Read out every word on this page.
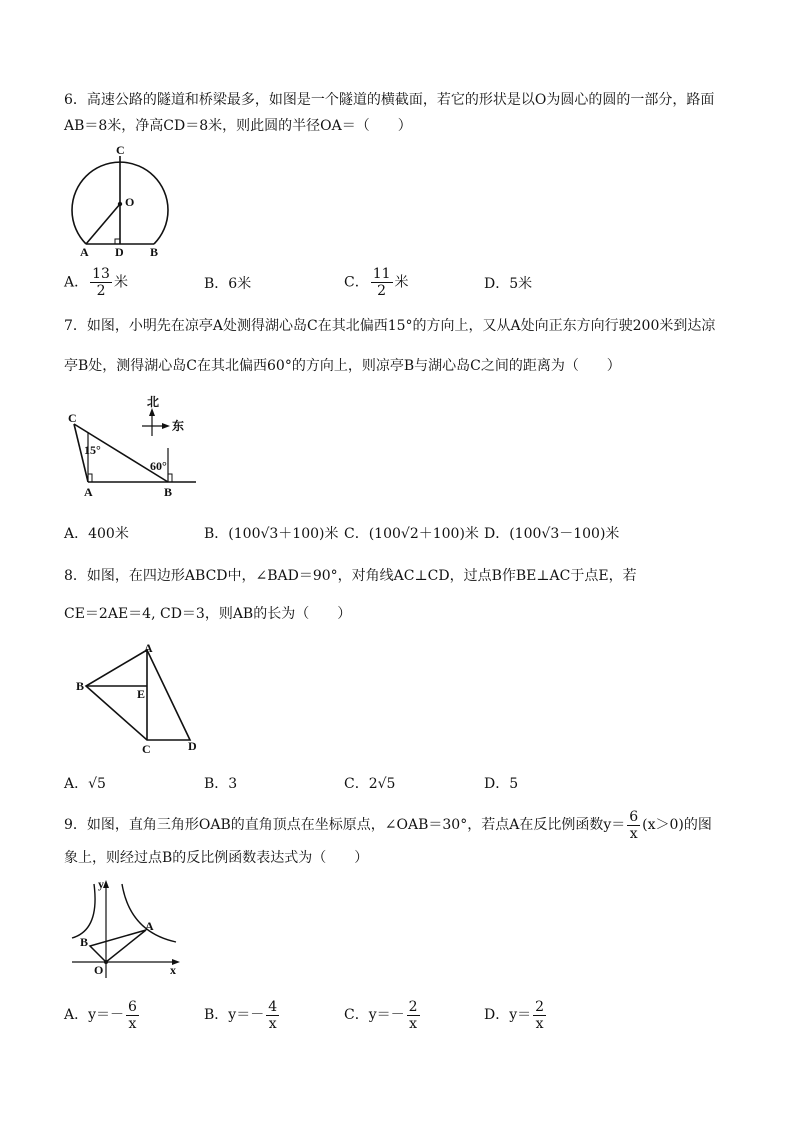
6．高速公路的隧道和桥梁最多，如图是一个隧道的横截面，若它的形状是以O为圆心的圆的一部分，路面
AB＝8米，净高CD＝8米，则此圆的半径OA＝（　　）
C
O
A D B
A． $\frac{13}{2}$ 米	B．6米	C． $\frac{11}{2}$ 米	D．5米
7．如图，小明先在凉亭A处测得湖心岛C在其北偏西15°的方向上，又从A处向正东方向行驶200米到达凉
亭B处，测得湖心岛C在其北偏西60°的方向上，则凉亭B与湖心岛C之间的距离为（　　）
北
东
C
A	B
15°
60°
A．400米	B．(100√3＋100)米 C．(100√2＋100)米 D．(100√3－100)米
8．如图，在四边形ABCD中，∠BAD＝90°，对角线AC⊥CD，过点B作BE⊥AC于点E，若
CE＝2AE＝4, CD＝3，则AB的长为（　　）
A
B
E
C	D
A．√5	B．3	C．2√5	D．5
9．如图，直角三角形OAB的直角顶点在坐标原点，∠OAB＝30°，若点A在反比例函数$y= \frac{6}{x} (x>0)$的图
象上，则经过点B的反比例函数表达式为（　　）
y
x
A
B
O
A．$y=- \frac{6}{x}$	B．$y=- \frac{4}{x}$	C．$y=- \frac{2}{x}$	D．$y= \frac{2}{x}$
